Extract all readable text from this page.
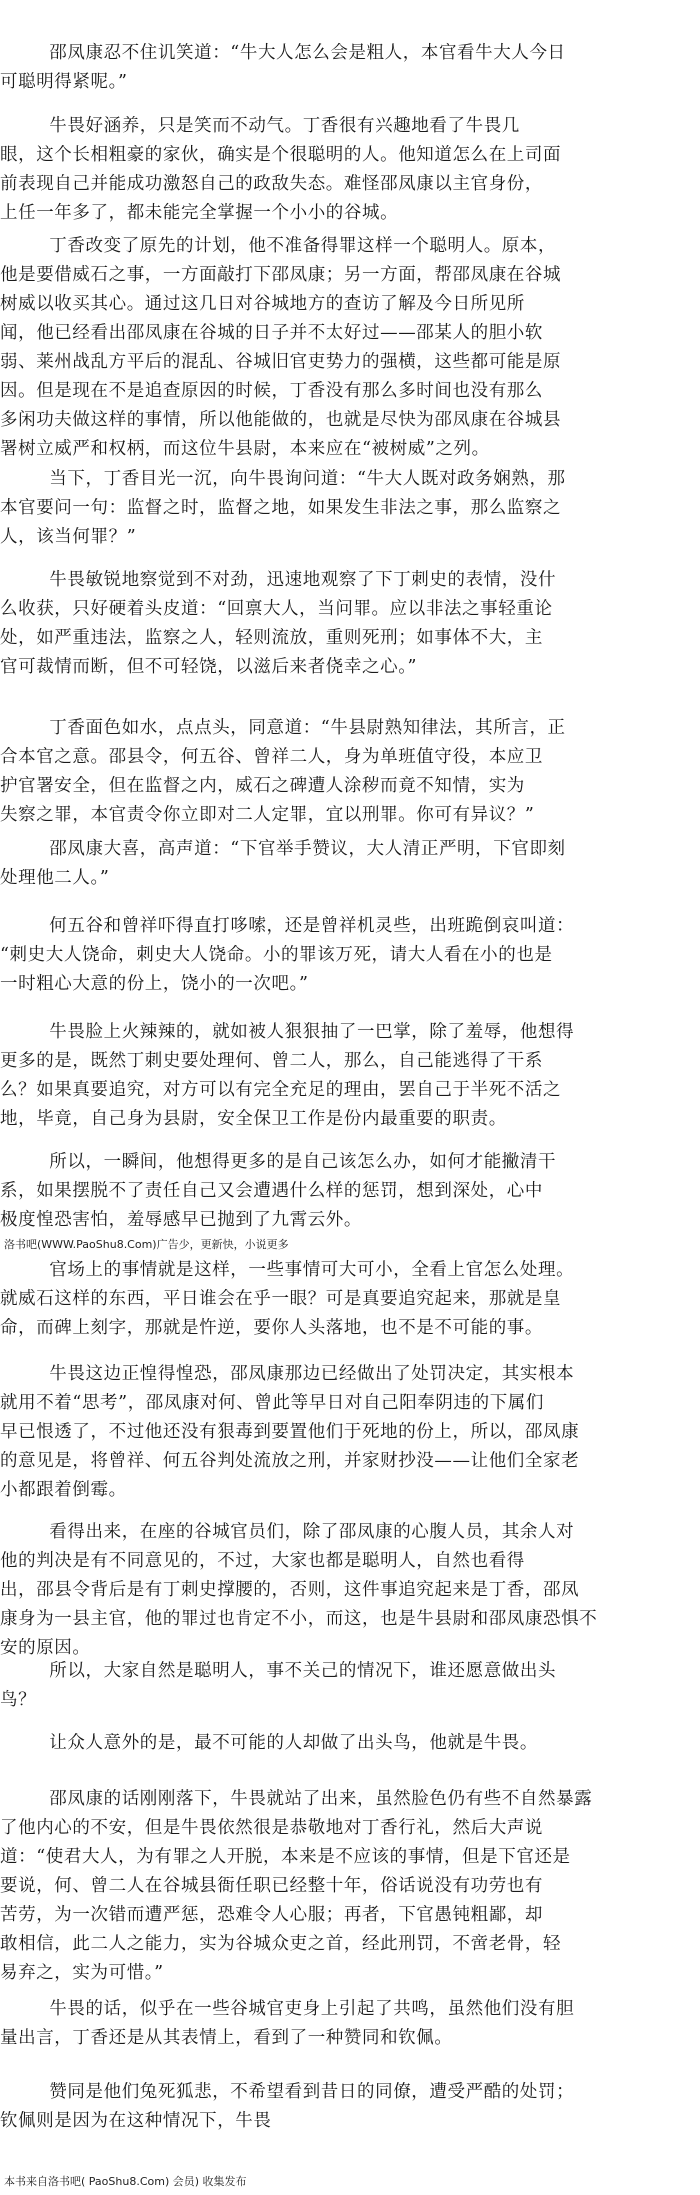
邵凤康忍不住讥笑道：“牛大人怎么会是粗人，本官看牛大人今日
可聪明得紧呢。”

牛畏好涵养，只是笑而不动气。丁香很有兴趣地看了牛畏几
眼，这个长相粗豪的家伙，确实是个很聪明的人。他知道怎么在上司面
前表现自己并能成功激怒自己的政敌失态。难怪邵凤康以主官身份，
上任一年多了，都未能完全掌握一个小小的谷城。

丁香改变了原先的计划，他不准备得罪这样一个聪明人。原本，
他是要借威石之事，一方面敲打下邵凤康；另一方面，帮邵凤康在谷城
树威以收买其心。通过这几日对谷城地方的查访了解及今日所见所
闻，他已经看出邵凤康在谷城的日子并不太好过——邵某人的胆小软
弱、莱州战乱方平后的混乱、谷城旧官吏势力的强横，这些都可能是原
因。但是现在不是追查原因的时候，丁香没有那么多时间也没有那么
多闲功夫做这样的事情，所以他能做的，也就是尽快为邵凤康在谷城县
署树立威严和权柄，而这位牛县尉，本来应在“被树威”之列。

当下，丁香目光一沉，向牛畏询问道：“牛大人既对政务娴熟，那
本官要问一句：监督之时，监督之地，如果发生非法之事，那么监察之
人，该当何罪？”

牛畏敏锐地察觉到不对劲，迅速地观察了下丁刺史的表情，没什
么收获，只好硬着头皮道：“回禀大人，当问罪。应以非法之事轻重论
处，如严重违法，监察之人，轻则流放，重则死刑；如事体不大，主
官可裁情而断，但不可轻饶，以滋后来者侥幸之心。”

丁香面色如水，点点头，同意道：“牛县尉熟知律法，其所言，正
合本官之意。邵县令，何五谷、曾祥二人，身为单班值守役，本应卫
护官署安全，但在监督之内，威石之碑遭人涂秽而竟不知情，实为
失察之罪，本官责令你立即对二人定罪，宜以刑罪。你可有异议？”

邵凤康大喜，高声道：“下官举手赞议，大人清正严明，下官即刻
处理他二人。”

何五谷和曾祥吓得直打哆嗦，还是曾祥机灵些，出班跪倒哀叫道：
“刺史大人饶命，刺史大人饶命。小的罪该万死，请大人看在小的也是
一时粗心大意的份上，饶小的一次吧。”

牛畏脸上火辣辣的，就如被人狠狠抽了一巴掌，除了羞辱，他想得
更多的是，既然丁刺史要处理何、曾二人，那么，自己能逃得了干系
么？如果真要追究，对方可以有完全充足的理由，罢自己于半死不活之
地，毕竟，自己身为县尉，安全保卫工作是份内最重要的职责。

所以，一瞬间，他想得更多的是自己该怎么办，如何才能撇清干
系，如果摆脱不了责任自己又会遭遇什么样的惩罚，想到深处，心中
极度惶恐害怕，羞辱感早已抛到了九霄云外。

洛书吧(WWW.PaoShu8.Com)广告少，更新快，小说更多

官场上的事情就是这样，一些事情可大可小，全看上官怎么处理。
就威石这样的东西，平日谁会在乎一眼？可是真要追究起来，那就是皇
命，而碑上刻字，那就是忤逆，要你人头落地，也不是不可能的事。

牛畏这边正惶得惶恐，邵凤康那边已经做出了处罚决定，其实根本
就用不着“思考”，邵凤康对何、曾此等早日对自己阳奉阴违的下属们
早已恨透了，不过他还没有狠毒到要置他们于死地的份上，所以，邵凤康
的意见是，将曾祥、何五谷判处流放之刑，并家财抄没——让他们全家老
小都跟着倒霉。

看得出来，在座的谷城官员们，除了邵凤康的心腹人员，其余人对
他的判决是有不同意见的，不过，大家也都是聪明人，自然也看得
出，邵县令背后是有丁刺史撑腰的，否则，这件事追究起来是丁香，邵凤
康身为一县主官，他的罪过也肯定不小，而这，也是牛县尉和邵凤康恐惧不
安的原因。

所以，大家自然是聪明人，事不关己的情况下，谁还愿意做出头
鸟？

让众人意外的是，最不可能的人却做了出头鸟，他就是牛畏。

邵凤康的话刚刚落下，牛畏就站了出来，虽然脸色仍有些不自然暴露
了他内心的不安，但是牛畏依然很是恭敬地对丁香行礼，然后大声说
道：“使君大人，为有罪之人开脱，本来是不应该的事情，但是下官还是
要说，何、曾二人在谷城县衙任职已经整十年，俗话说没有功劳也有
苦劳，为一次错而遭严惩，恐难令人心服；再者，下官愚钝粗鄙，却
敢相信，此二人之能力，实为谷城众吏之首，经此刑罚，不啻老骨，轻
易弃之，实为可惜。”

牛畏的话，似乎在一些谷城官吏身上引起了共鸣，虽然他们没有胆
量出言，丁香还是从其表情上，看到了一种赞同和钦佩。

赞同是他们兔死狐悲，不希望看到昔日的同僚，遭受严酷的处罚；
钦佩则是因为在这种情况下，牛畏

本书来自洛书吧( PaoShu8.Com) 会员) 收集发布
